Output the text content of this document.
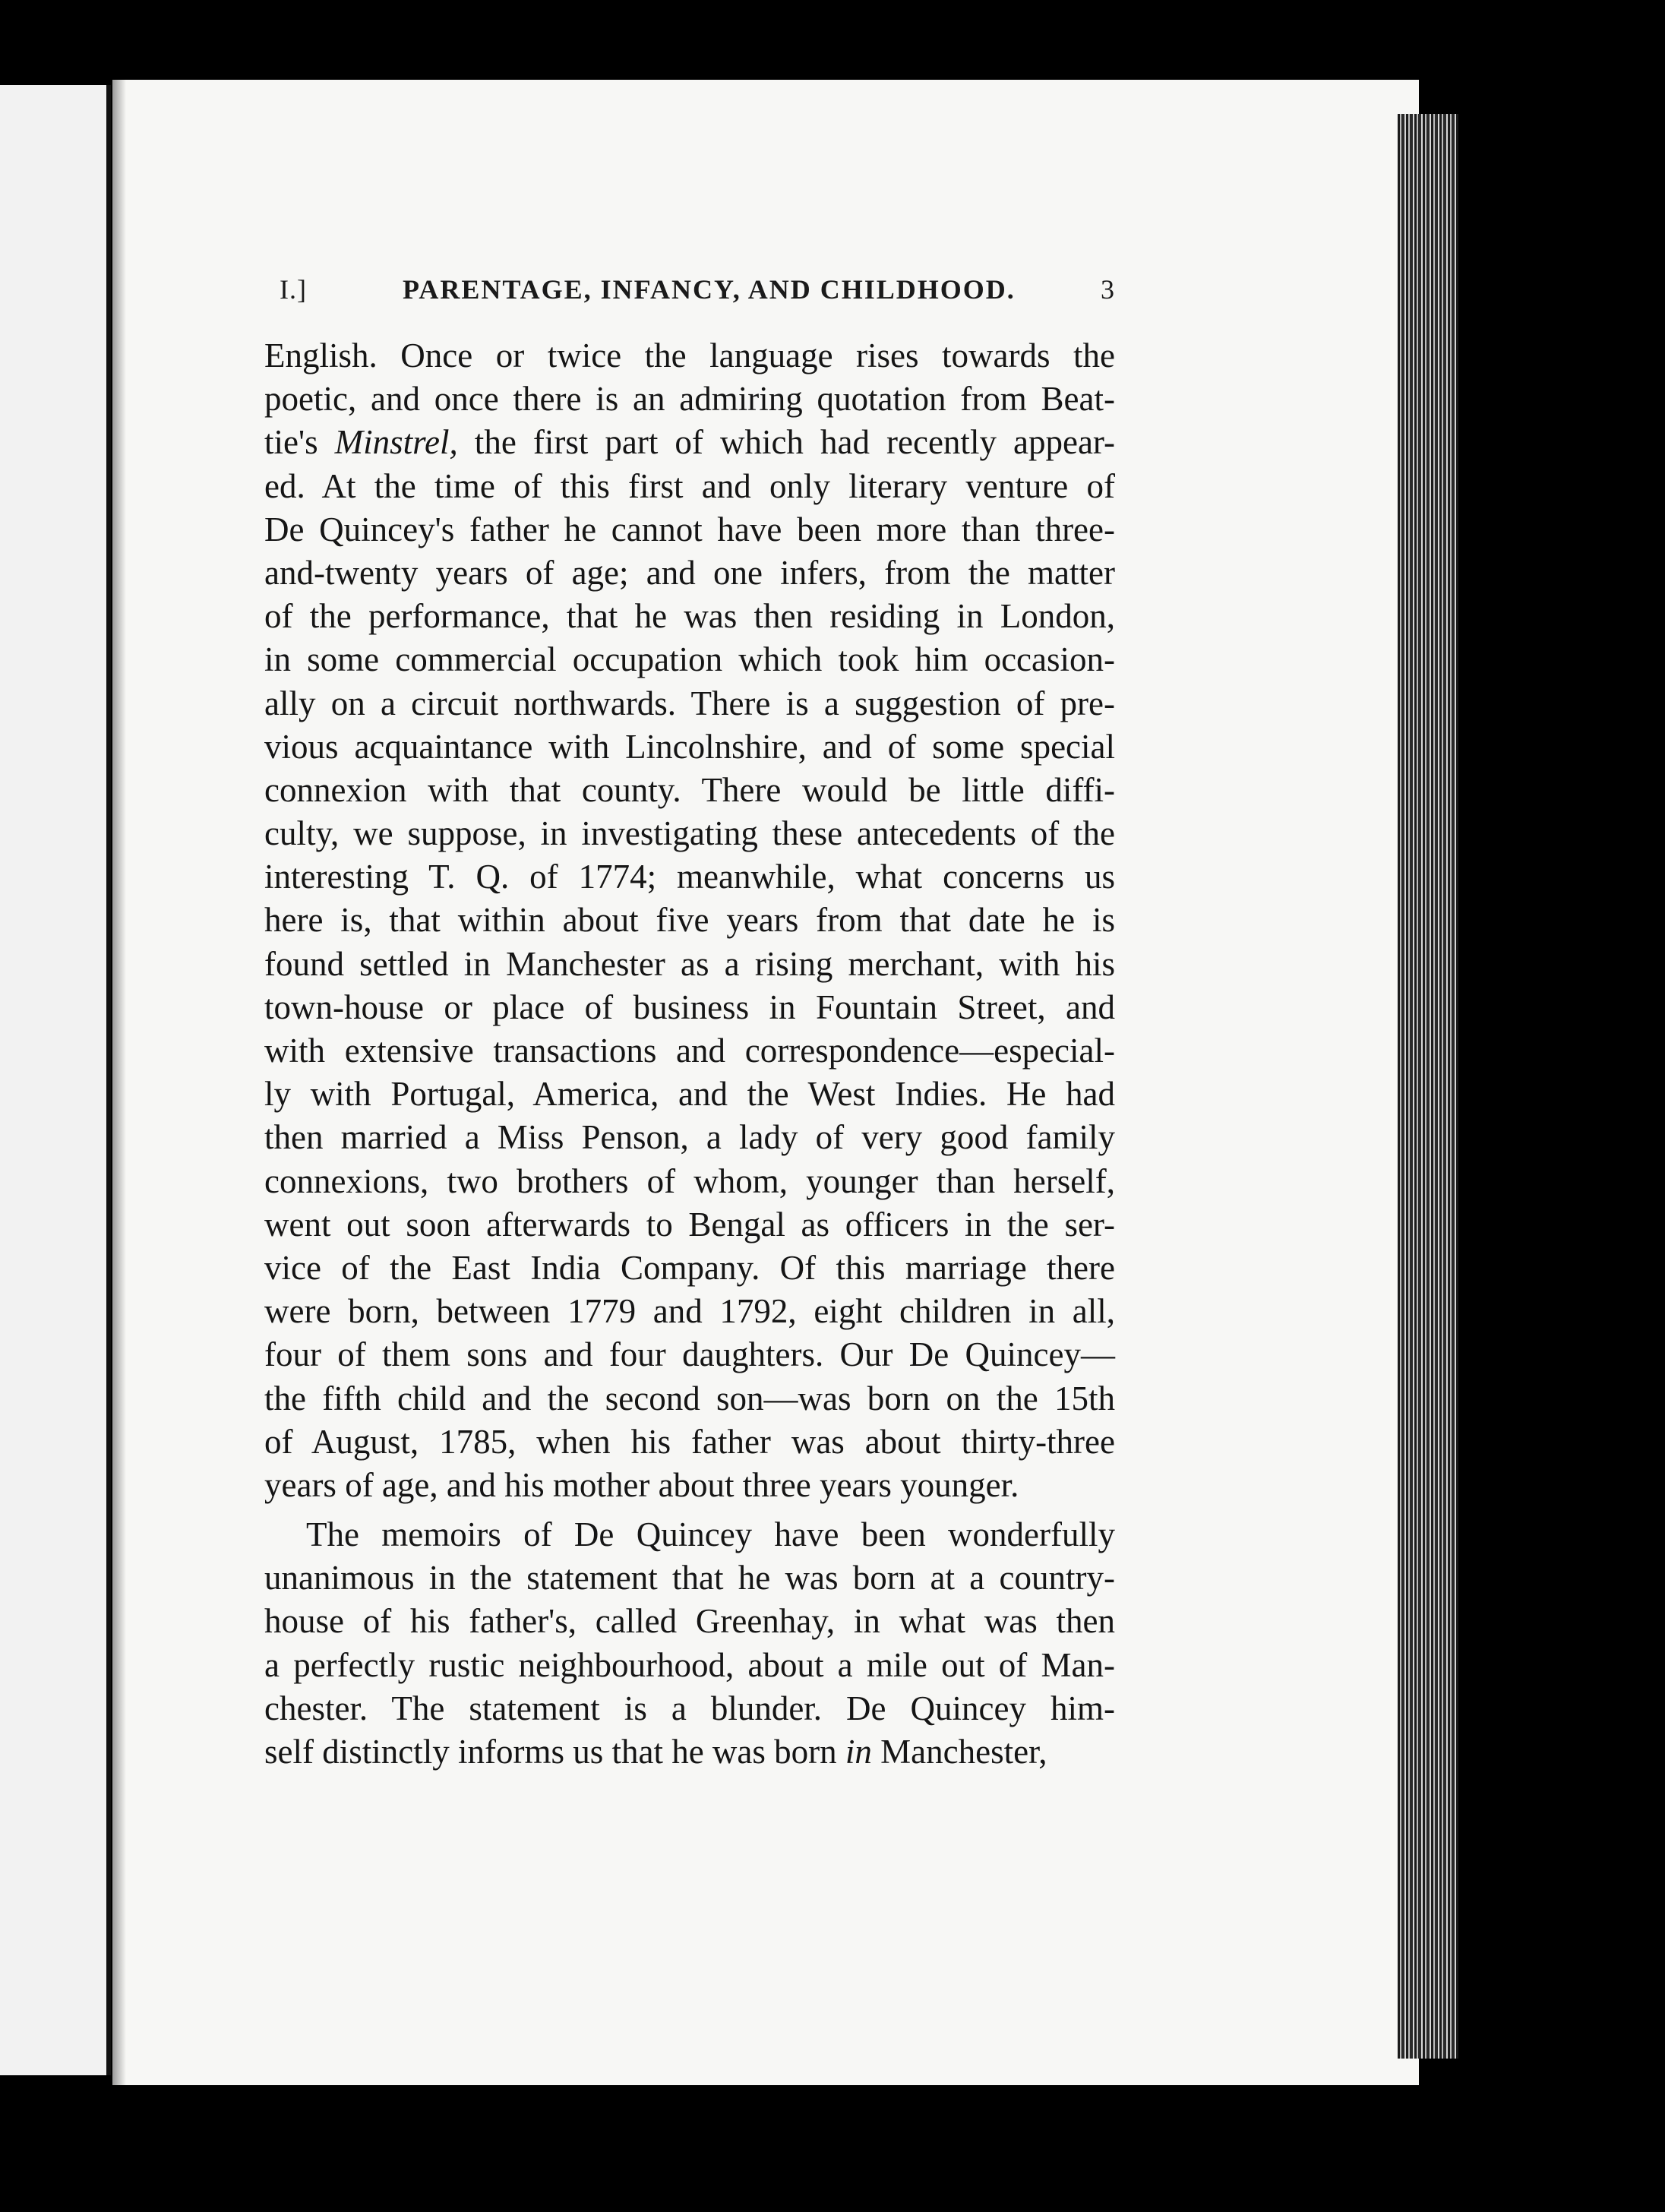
I.]	PARENTAGE, INFANCY, AND CHILDHOOD.	3
English. Once or twice the language rises towards the
poetic, and once there is an admiring quotation from Beat-
tie's Minstrel, the first part of which had recently appear-
ed. At the time of this first and only literary venture of
De Quincey's father he cannot have been more than three-
and-twenty years of age; and one infers, from the matter
of the performance, that he was then residing in London,
in some commercial occupation which took him occasion-
ally on a circuit northwards. There is a suggestion of pre-
vious acquaintance with Lincolnshire, and of some special
connexion with that county. There would be little diffi-
culty, we suppose, in investigating these antecedents of the
interesting T. Q. of 1774; meanwhile, what concerns us
here is, that within about five years from that date he is
found settled in Manchester as a rising merchant, with his
town-house or place of business in Fountain Street, and
with extensive transactions and correspondence—especial-
ly with Portugal, America, and the West Indies. He had
then married a Miss Penson, a lady of very good family
connexions, two brothers of whom, younger than herself,
went out soon afterwards to Bengal as officers in the ser-
vice of the East India Company. Of this marriage there
were born, between 1779 and 1792, eight children in all,
four of them sons and four daughters. Our De Quincey—
the fifth child and the second son—was born on the 15th
of August, 1785, when his father was about thirty-three
years of age, and his mother about three years younger.
The memoirs of De Quincey have been wonderfully
unanimous in the statement that he was born at a country-
house of his father's, called Greenhay, in what was then
a perfectly rustic neighbourhood, about a mile out of Man-
chester. The statement is a blunder. De Quincey him-
self distinctly informs us that he was born in Manchester,
